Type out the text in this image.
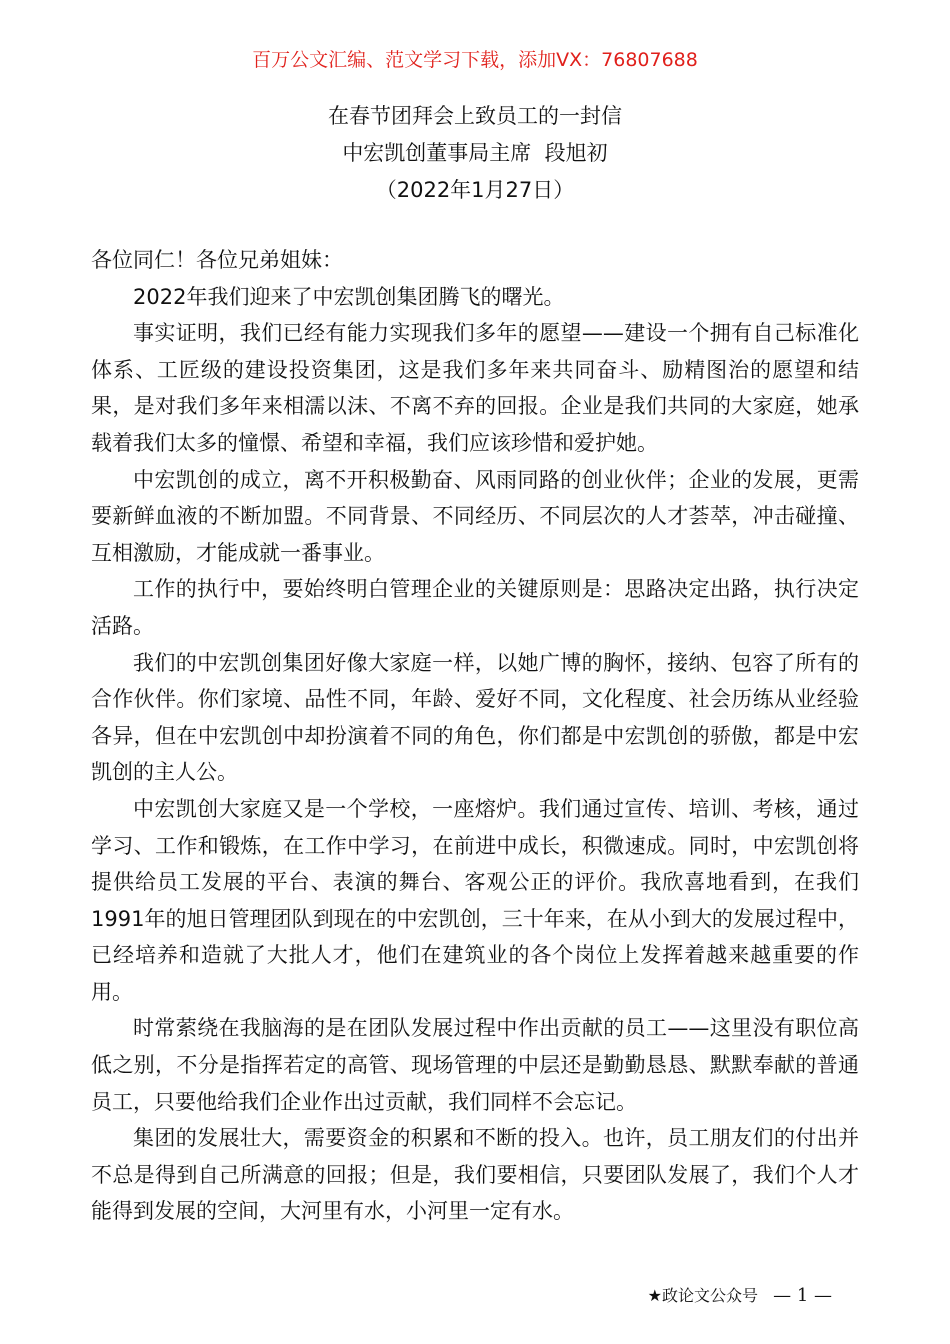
百万公文汇编、范文学习下载，添加VX：76807688
在春节团拜会上致员工的一封信
中宏凯创董事局主席  段旭初
（2022年1月27日）

各位同仁！各位兄弟姐妹：

2022年我们迎来了中宏凯创集团腾飞的曙光。

事实证明，我们已经有能力实现我们多年的愿望——建设一个拥有自己标准化体系、工匠级的建设投资集团，这是我们多年来共同奋斗、励精图治的愿望和结果，是对我们多年来相濡以沫、不离不弃的回报。企业是我们共同的大家庭，她承载着我们太多的憧憬、希望和幸福，我们应该珍惜和爱护她。

中宏凯创的成立，离不开积极勤奋、风雨同路的创业伙伴；企业的发展，更需要新鲜血液的不断加盟。不同背景、不同经历、不同层次的人才荟萃，冲击碰撞、互相激励，才能成就一番事业。

工作的执行中，要始终明白管理企业的关键原则是：思路决定出路，执行决定活路。

我们的中宏凯创集团好像大家庭一样，以她广博的胸怀，接纳、包容了所有的合作伙伴。你们家境、品性不同，年龄、爱好不同，文化程度、社会历练从业经验各异，但在中宏凯创中却扮演着不同的角色，你们都是中宏凯创的骄傲，都是中宏凯创的主人公。

中宏凯创大家庭又是一个学校，一座熔炉。我们通过宣传、培训、考核，通过学习、工作和锻炼，在工作中学习，在前进中成长，积微速成。同时，中宏凯创将提供给员工发展的平台、表演的舞台、客观公正的评价。我欣喜地看到，在我们1991年的旭日管理团队到现在的中宏凯创，三十年来，在从小到大的发展过程中，已经培养和造就了大批人才，他们在建筑业的各个岗位上发挥着越来越重要的作用。

时常萦绕在我脑海的是在团队发展过程中作出贡献的员工——这里没有职位高低之别，不分是指挥若定的高管、现场管理的中层还是勤勤恳恳、默默奉献的普通员工，只要他给我们企业作出过贡献，我们同样不会忘记。

集团的发展壮大，需要资金的积累和不断的投入。也许，员工朋友们的付出并不总是得到自己所满意的回报；但是，我们要相信，只要团队发展了，我们个人才能得到发展的空间，大河里有水，小河里一定有水。

★政论文公众号 — 1 —
